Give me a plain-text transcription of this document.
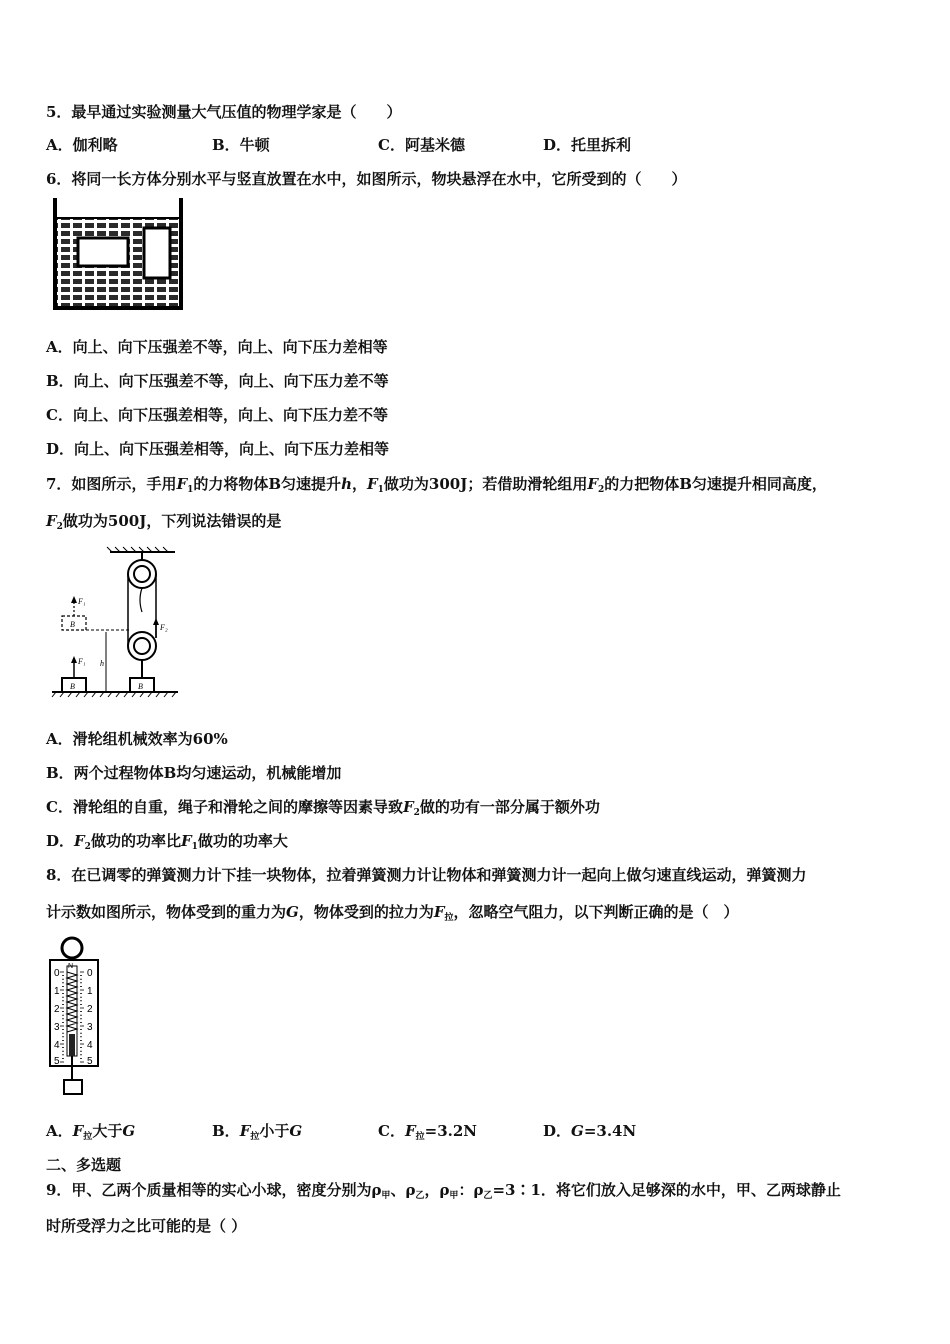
5．最早通过实验测量大气压值的物理学家是（　　）
A．伽利略	B．牛顿	C．阿基米德	D．托里拆利
6．将同一长方体分别水平与竖直放置在水中，如图所示，物块悬浮在水中，它所受到的（　　）
A．向上、向下压强差不等，向上、向下压力差相等
B．向上、向下压强差不等，向上、向下压力差不等
C．向上、向下压强差相等，向上、向下压力差不等
D．向上、向下压强差相等，向上、向下压力差相等
7．如图所示，手用$F_1$的力将物体B匀速提升h，$F_1$做功为300J；若借助滑轮组用$F_2$的力把物体B匀速提升相同高度，
$F_2$做功为500J，下列说法错误的是
F₂
B
B
F₁
B
F₁
h
A．滑轮组机械效率为60%
B．两个过程物体B均匀速运动，机械能增加
C．滑轮组的自重，绳子和滑轮之间的摩擦等因素导致$F_2$做的功有一部分属于额外功
D．$F_2$做功的功率比$F_1$做功的功率大
8．在已调零的弹簧测力计下挂一块物体，拉着弹簧测力计让物体和弹簧测力计一起向上做匀速直线运动，弹簧测力
计示数如图所示，物体受到的重力为G，物体受到的拉力为$F_拉$，忽略空气阻力，以下判断正确的是（　）
N
0
1
2
3
4
5
0
1
2
3
4
5
A．$F_拉$大于G	B．$F_拉$小于G	C．$F_拉=3.2N$	D．G=3.4N
二、多选题
9．甲、乙两个质量相等的实心小球，密度分别为$\rho_甲$、$\rho_乙$，$\rho_甲$：$\rho_乙=3∶1$．将它们放入足够深的水中，甲、乙两球静止
时所受浮力之比可能的是（ ）
